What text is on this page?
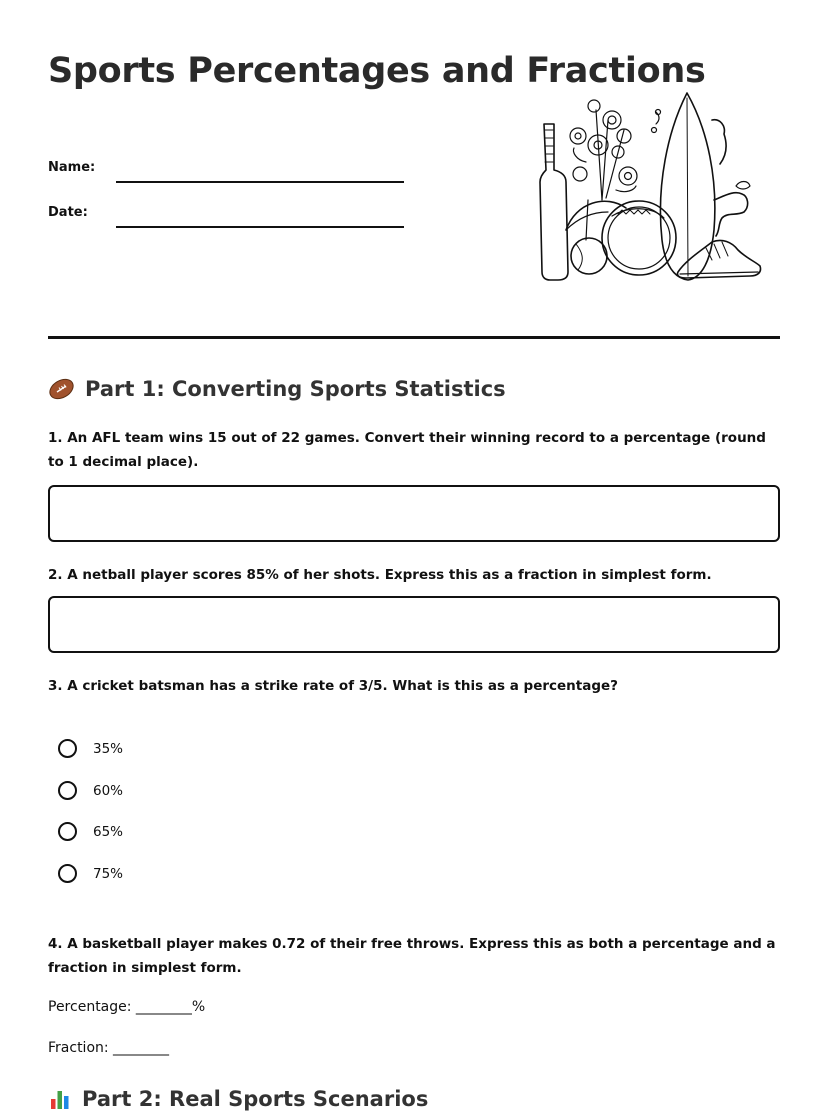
Sports Percentages and Fractions
Name:
Date:
Part 1: Converting Sports Statistics

1. An AFL team wins 15 out of 22 games. Convert their winning record to a percentage (round to 1 decimal place).

2. A netball player scores 85% of her shots. Express this as a fraction in simplest form.

3. A cricket batsman has a strike rate of 3/5. What is this as a percentage?

35%
60%
65%
75%

4. A basketball player makes 0.72 of their free throws. Express this as both a percentage and a fraction in simplest form.

Percentage: ________%
Fraction: ________
Part 2: Real Sports Scenarios
